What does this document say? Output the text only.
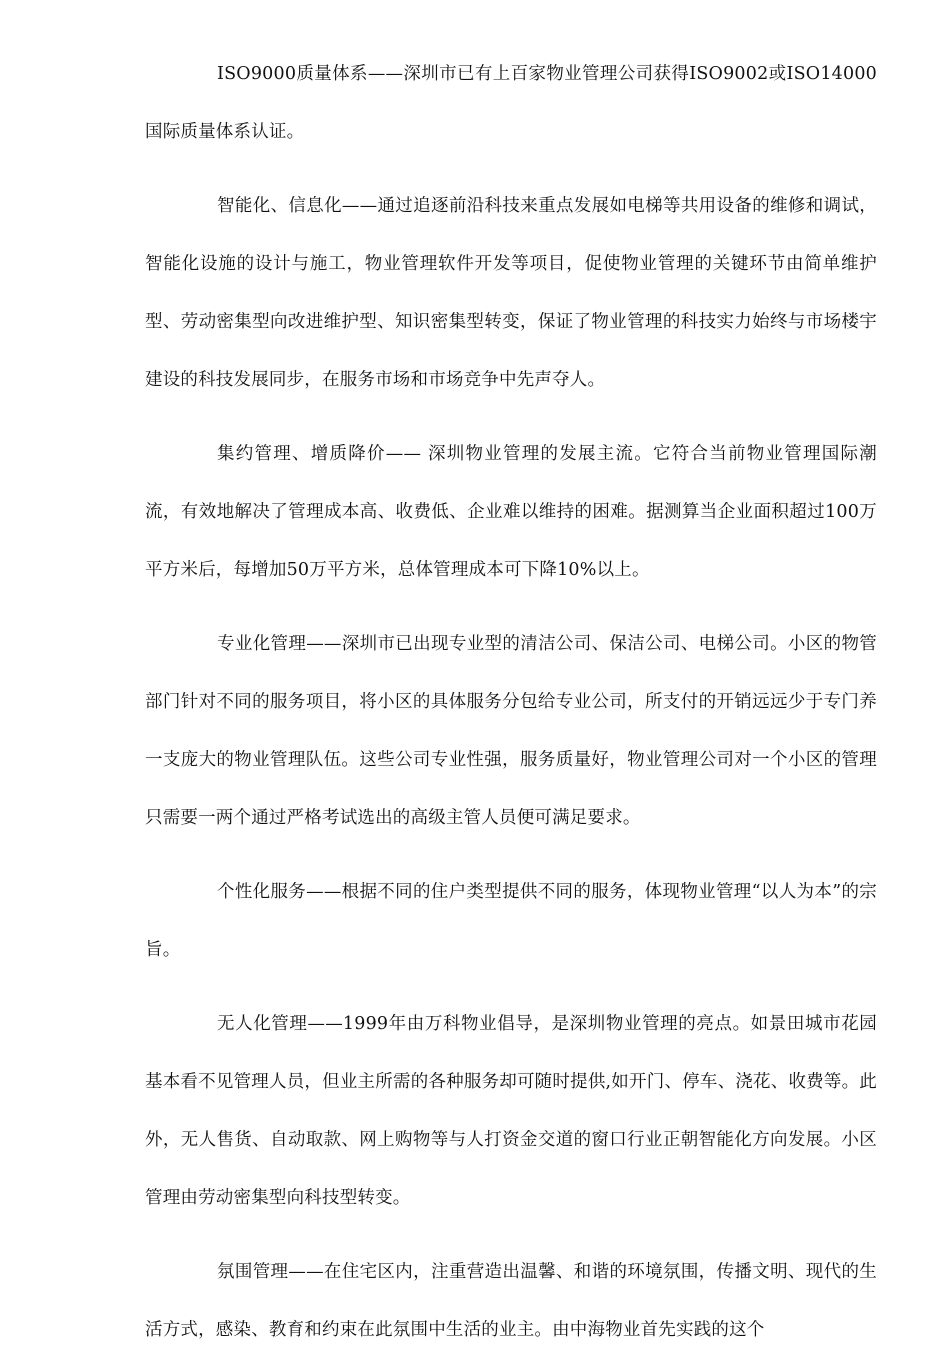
ISO9000质量体系——深圳市已有上百家物业管理公司获得ISO9002或ISO14000国际质量体系认证。

智能化、信息化——通过追逐前沿科技来重点发展如电梯等共用设备的维修和调试，智能化设施的设计与施工，物业管理软件开发等项目，促使物业管理的关键环节由简单维护型、劳动密集型向改进维护型、知识密集型转变，保证了物业管理的科技实力始终与市场楼宇建设的科技发展同步，在服务市场和市场竞争中先声夺人。

集约管理、增质降价—— 深圳物业管理的发展主流。它符合当前物业管理国际潮流，有效地解决了管理成本高、收费低、企业难以维持的困难。据测算当企业面积超过100万平方米后，每增加50万平方米，总体管理成本可下降10%以上。

专业化管理——深圳市已出现专业型的清洁公司、保洁公司、电梯公司。小区的物管部门针对不同的服务项目，将小区的具体服务分包给专业公司，所支付的开销远远少于专门养一支庞大的物业管理队伍。这些公司专业性强，服务质量好，物业管理公司对一个小区的管理只需要一两个通过严格考试选出的高级主管人员便可满足要求。

个性化服务——根据不同的住户类型提供不同的服务，体现物业管理“以人为本”的宗旨。

无人化管理——1999年由万科物业倡导，是深圳物业管理的亮点。如景田城市花园基本看不见管理人员，但业主所需的各种服务却可随时提供,如开门、停车、浇花、收费等。此外，无人售货、自动取款、网上购物等与人打资金交道的窗口行业正朝智能化方向发展。小区管理由劳动密集型向科技型转变。

氛围管理——在住宅区内，注重营造出温馨、和谐的环境氛围，传播文明、现代的生活方式，感染、教育和约束在此氛围中生活的业主。由中海物业首先实践的这个
